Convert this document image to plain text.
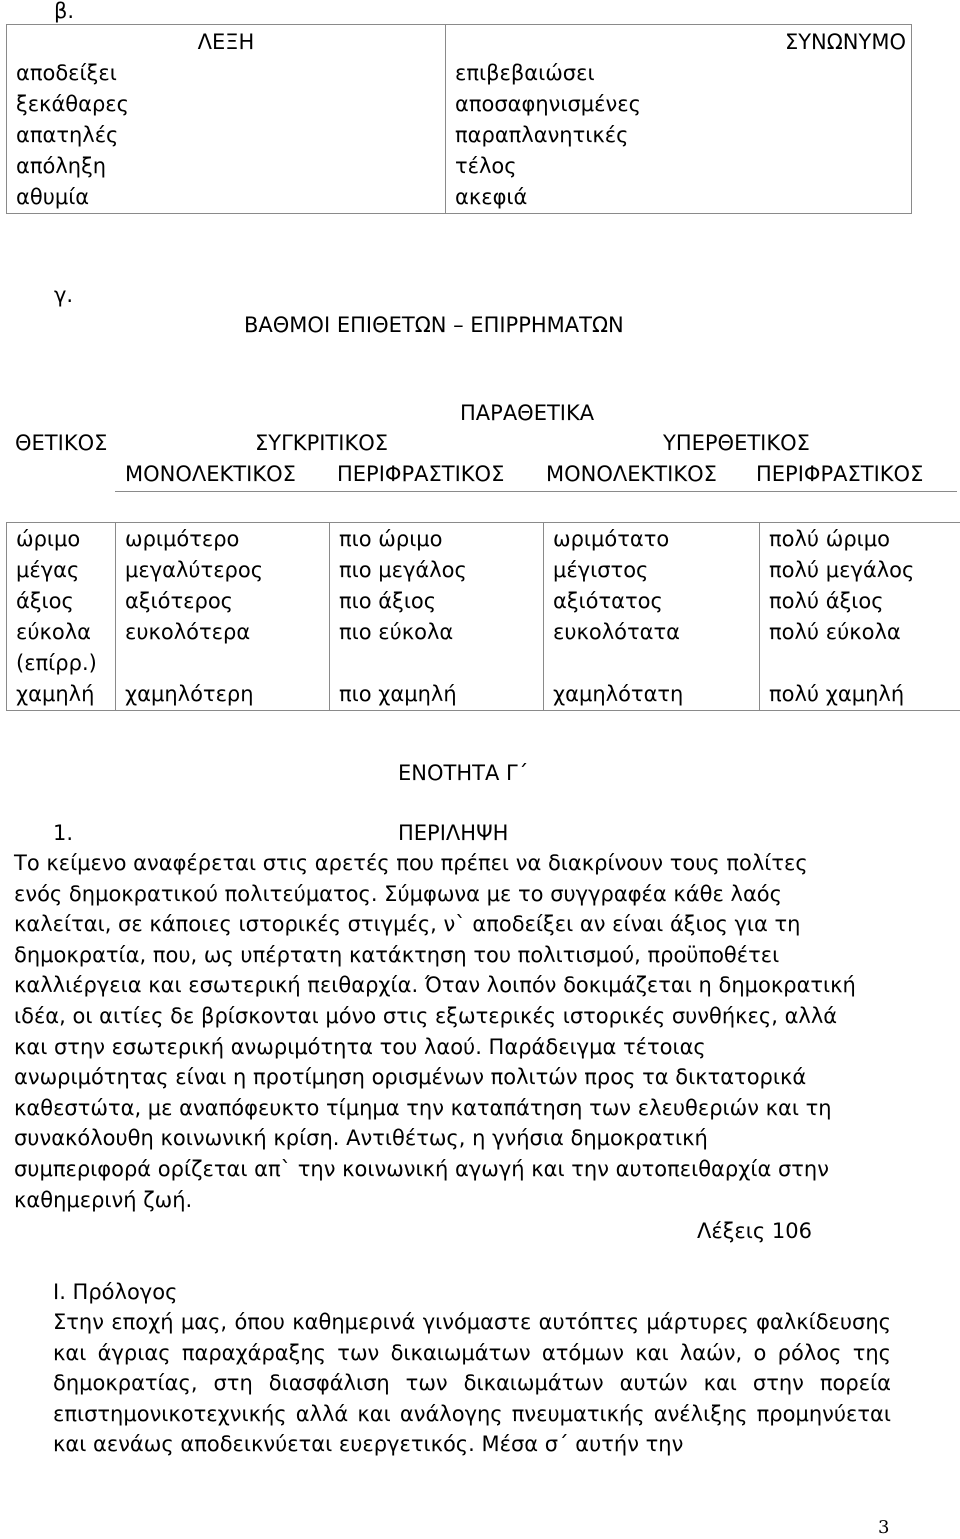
β.
ΛΕΞΗ	ΣΥΝΩΝΥΜΟ
αποδείξει	επιβεβαιώσει
ξεκάθαρες	αποσαφηνισμένες
απατηλές	παραπλανητικές
απόληξη	τέλος
αθυμία	ακεφιά
γ.
ΒΑΘΜΟΙ ΕΠΙΘΕΤΩΝ – ΕΠΙΡΡΗΜΑΤΩΝ
ΠΑΡΑΘΕΤΙΚΑ
ΘΕΤΙΚΟΣ	ΣΥΓΚΡΙΤΙΚΟΣ	ΥΠΕΡΘΕΤΙΚΟΣ
ΜΟΝΟΛΕΚΤΙΚΟΣ ΠΕΡΙΦΡΑΣΤΙΚΟΣ ΜΟΝΟΛΕΚΤΙΚΟΣ ΠΕΡΙΦΡΑΣΤΙΚΟΣ
ώριμο	ωριμότερο	πιο ώριμο	ωριμότατο	πολύ ώριμο
μέγας	μεγαλύτερος	πιο μεγάλος	μέγιστος	πολύ μεγάλος
άξιος	αξιότερος	πιο άξιος	αξιότατος	πολύ άξιος
εύκολα	ευκολότερα	πιο εύκολα	ευκολότατα	πολύ εύκολα
(επίρρ.)				
χαμηλή	χαμηλότερη	πιο χαμηλή	χαμηλότατη	πολύ χαμηλή
ΕΝΟΤΗΤΑ Γ΄
1.	ΠΕΡΙΛΗΨΗ
Το κείμενο αναφέρεται στις αρετές που πρέπει να διακρίνουν τους πολίτες
ενός δημοκρατικού πολιτεύματος. Σύμφωνα με το συγγραφέα κάθε λαός
καλείται, σε κάποιες ιστορικές στιγμές, ν` αποδείξει αν είναι άξιος για τη
δημοκρατία, που, ως υπέρτατη κατάκτηση του πολιτισμού, προϋποθέτει
καλλιέργεια και εσωτερική πειθαρχία. Όταν λοιπόν δοκιμάζεται η δημοκρατική
ιδέα, οι αιτίες δε βρίσκονται μόνο στις εξωτερικές ιστορικές συνθήκες, αλλά
και στην εσωτερική ανωριμότητα του λαού. Παράδειγμα τέτοιας
ανωριμότητας είναι η προτίμηση ορισμένων πολιτών προς τα δικτατορικά
καθεστώτα, με αναπόφευκτο τίμημα την καταπάτηση των ελευθεριών και τη
συνακόλουθη κοινωνική κρίση. Αντιθέτως, η γνήσια δημοκρατική
συμπεριφορά ορίζεται απ` την κοινωνική αγωγή και την αυτοπειθαρχία στην
καθημερινή ζωή.
Λέξεις 106
Ι. Πρόλογος

Στην εποχή μας, όπου καθημερινά γινόμαστε αυτόπτες μάρτυρες φαλκίδευσης και άγριας παραχάραξης των δικαιωμάτων ατόμων και λαών, ο ρόλος της δημοκρατίας, στη διασφάλιση των δικαιωμάτων αυτών και στην πορεία επιστημονικοτεχνικής αλλά και ανάλογης πνευματικής ανέλιξης προμηνύεται και αενάως αποδεικνύεται ευεργετικός. Μέσα σ΄ αυτήν την

3
